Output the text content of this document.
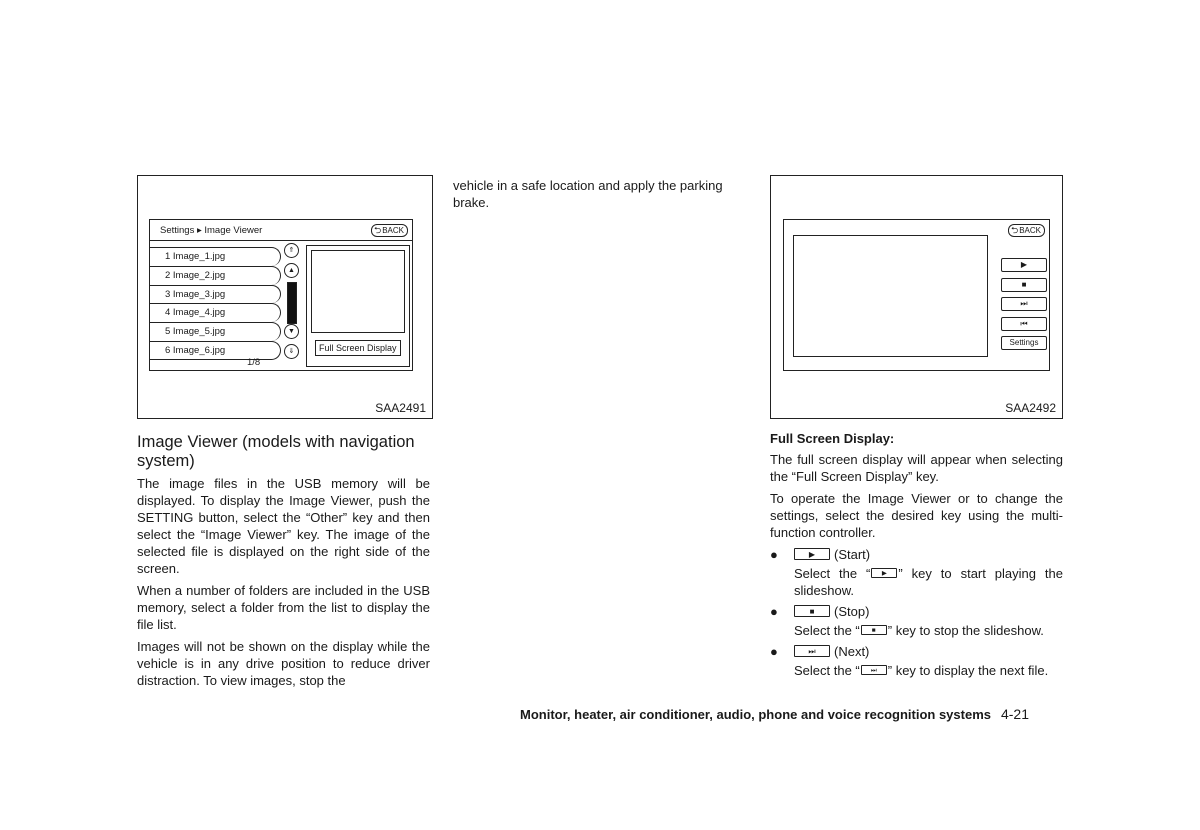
Settings ▸ Image Viewer	⮌BACK
1 Image_1.jpg
2 Image_2.jpg
3 Image_3.jpg
4 Image_4.jpg
5 Image_5.jpg
6 Image_6.jpg
1/8
⇑
▲
▼
⇓	Full Screen Display
SAA2491
⮌BACK
▶
■
⏭
⏮
Settings
SAA2492
Image Viewer (models with navigation system)

The image files in the USB memory will be displayed. To display the Image Viewer, push the SETTING button, select the “Other” key and then select the “Image Viewer” key. The image of the selected file is displayed on the right side of the screen.

When a number of folders are included in the USB memory, select a folder from the list to display the file list.

Images will not be shown on the display while the vehicle is in any drive position to reduce driver distraction. To view images, stop the

vehicle in a safe location and apply the parking brake.

Full Screen Display:

The full screen display will appear when selecting the “Full Screen Display” key.

To operate the Image Viewer or to change the settings, select the desired key using the multi-function controller.

●	▶	(Start)
Select the “	▶ ” key to start playing the slideshow.
●	■	(Stop)
Select the “	■ ” key to stop the slideshow.
●	⏭	(Next)
Select the “	⏭ ” key to display the next file.
Monitor, heater, air conditioner, audio, phone and voice recognition systems 4-21
